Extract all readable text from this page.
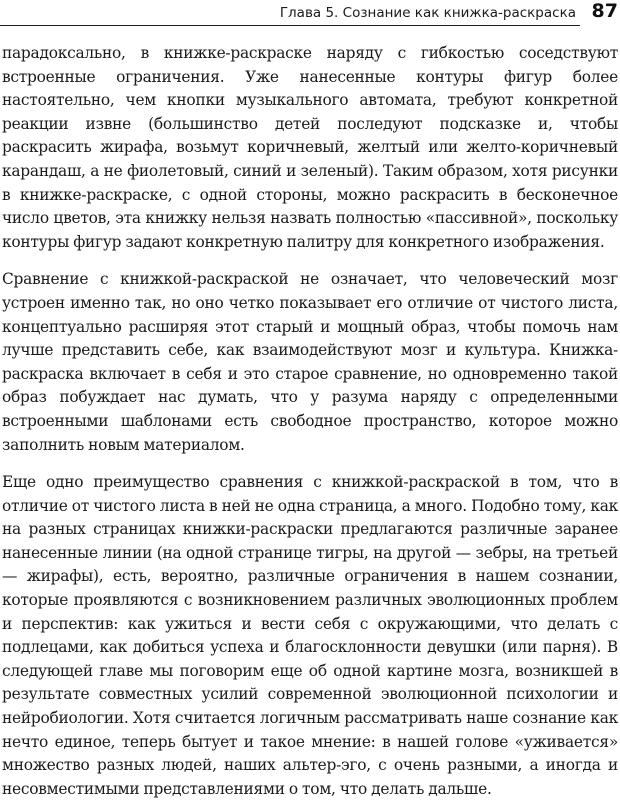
Глава 5. Сознание как книжка-раскраска 87

парадоксально, в книжке-раскраске наряду с гибкостью соседствуют встроенные ограничения. Уже нанесенные контуры фигур более настоятельно, чем кнопки музыкального автомата, требуют конкретной реакции извне (большинство детей последуют подсказке и, чтобы раскрасить жирафа, возьмут коричневый, желтый или желто-коричневый карандаш, а не фиолетовый, синий и зеленый). Таким образом, хотя рисунки в книжке-раскраске, с одной стороны, можно раскрасить в бесконечное число цветов, эта книжку нельзя назвать полностью «пассивной», поскольку контуры фигур задают конкретную палитру для конкретного изображения.

Сравнение с книжкой-раскраской не означает, что человеческий мозг устроен именно так, но оно четко показывает его отличие от чистого листа, концептуально расширяя этот старый и мощный образ, чтобы помочь нам лучше представить себе, как взаимодействуют мозг и культура. Книжка-раскраска включает в себя и это старое сравнение, но одновременно такой образ побуждает нас думать, что у разума наряду с определенными встроенными шаблонами есть свободное пространство, которое можно заполнить новым материалом.

Еще одно преимущество сравнения с книжкой-раскраской в том, что в отличие от чистого листа в ней не одна страница, а много. Подобно тому, как на разных страницах книжки-раскраски предлагаются различные заранее нанесенные линии (на одной странице тигры, на другой — зебры, на третьей — жирафы), есть, вероятно, различные ограничения в нашем сознании, которые проявляются с возникновением различных эволюционных проблем и перспектив: как ужиться и вести себя с окружающими, что делать с подлецами, как добиться успеха и благосклонности девушки (или парня). В следующей главе мы поговорим еще об одной картине мозга, возникшей в результате совместных усилий современной эволюционной психологии и нейробиологии. Хотя считается логичным рассматривать наше сознание как нечто единое, теперь бытует и такое мнение: в нашей голове «уживается» множество разных людей, наших альтер-эго, с очень разными, а иногда и несовместимыми представлениями о том, что делать дальше.
